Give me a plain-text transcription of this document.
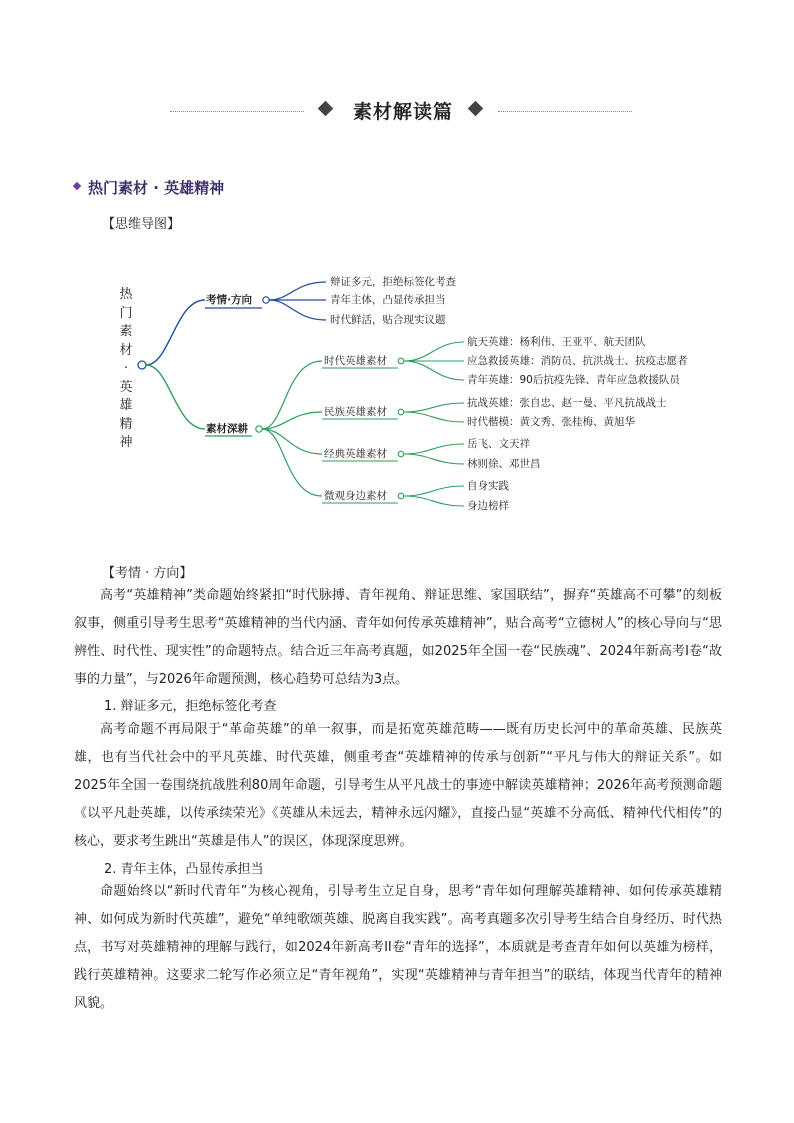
素材解读篇
热门素材 · 英雄精神
【思维导图】
热
门
素
材
·
英
雄
精
神
考情·方向
辩证多元，拒绝标签化考查
青年主体，凸显传承担当
时代鲜活，贴合现实议题
素材深耕
时代英雄素材
航天英雄：杨利伟、王亚平、航天团队
应急救援英雄：消防员、抗洪战士、抗疫志愿者
青年英雄：90后抗疫先锋、青年应急救援队员
民族英雄素材
抗战英雄：张自忠、赵一曼、平凡抗战战士
时代楷模：黄文秀、张桂梅、黄旭华
经典英雄素材
岳飞、文天祥
林则徐、邓世昌
微观身边素材
自身实践
身边榜样
【考情 · 方向】

高考“英雄精神”类命题始终紧扣“时代脉搏、青年视角、辩证思维、家国联结”，摒弃“英雄高不可攀”的刻板叙事，侧重引导考生思考“英雄精神的当代内涵、青年如何传承英雄精神”，贴合高考“立德树人”的核心导向与“思辨性、时代性、现实性”的命题特点。结合近三年高考真题，如2025年全国一卷“民族魂”、2024年新高考I卷“故事的力量”，与2026年命题预测，核心趋势可总结为3点。

1. 辩证多元，拒绝标签化考查

高考命题不再局限于“革命英雄”的单一叙事，而是拓宽英雄范畴——既有历史长河中的革命英雄、民族英雄，也有当代社会中的平凡英雄、时代英雄，侧重考查“英雄精神的传承与创新”“平凡与伟大的辩证关系”。如2025年全国一卷围绕抗战胜利80周年命题，引导考生从平凡战士的事迹中解读英雄精神；2026年高考预测命题《以平凡赴英雄，以传承续荣光》《英雄从未远去，精神永远闪耀》，直接凸显“英雄不分高低、精神代代相传”的核心，要求考生跳出“英雄是伟人”的误区，体现深度思辨。

2. 青年主体，凸显传承担当

命题始终以“新时代青年”为核心视角，引导考生立足自身，思考“青年如何理解英雄精神、如何传承英雄精神、如何成为新时代英雄”，避免“单纯歌颂英雄、脱离自我实践”。高考真题多次引导考生结合自身经历、时代热点，书写对英雄精神的理解与践行，如2024年新高考II卷“青年的选择”，本质就是考查青年如何以英雄为榜样，践行英雄精神。这要求二轮写作必须立足“青年视角”，实现“英雄精神与青年担当”的联结，体现当代青年的精神风貌。
